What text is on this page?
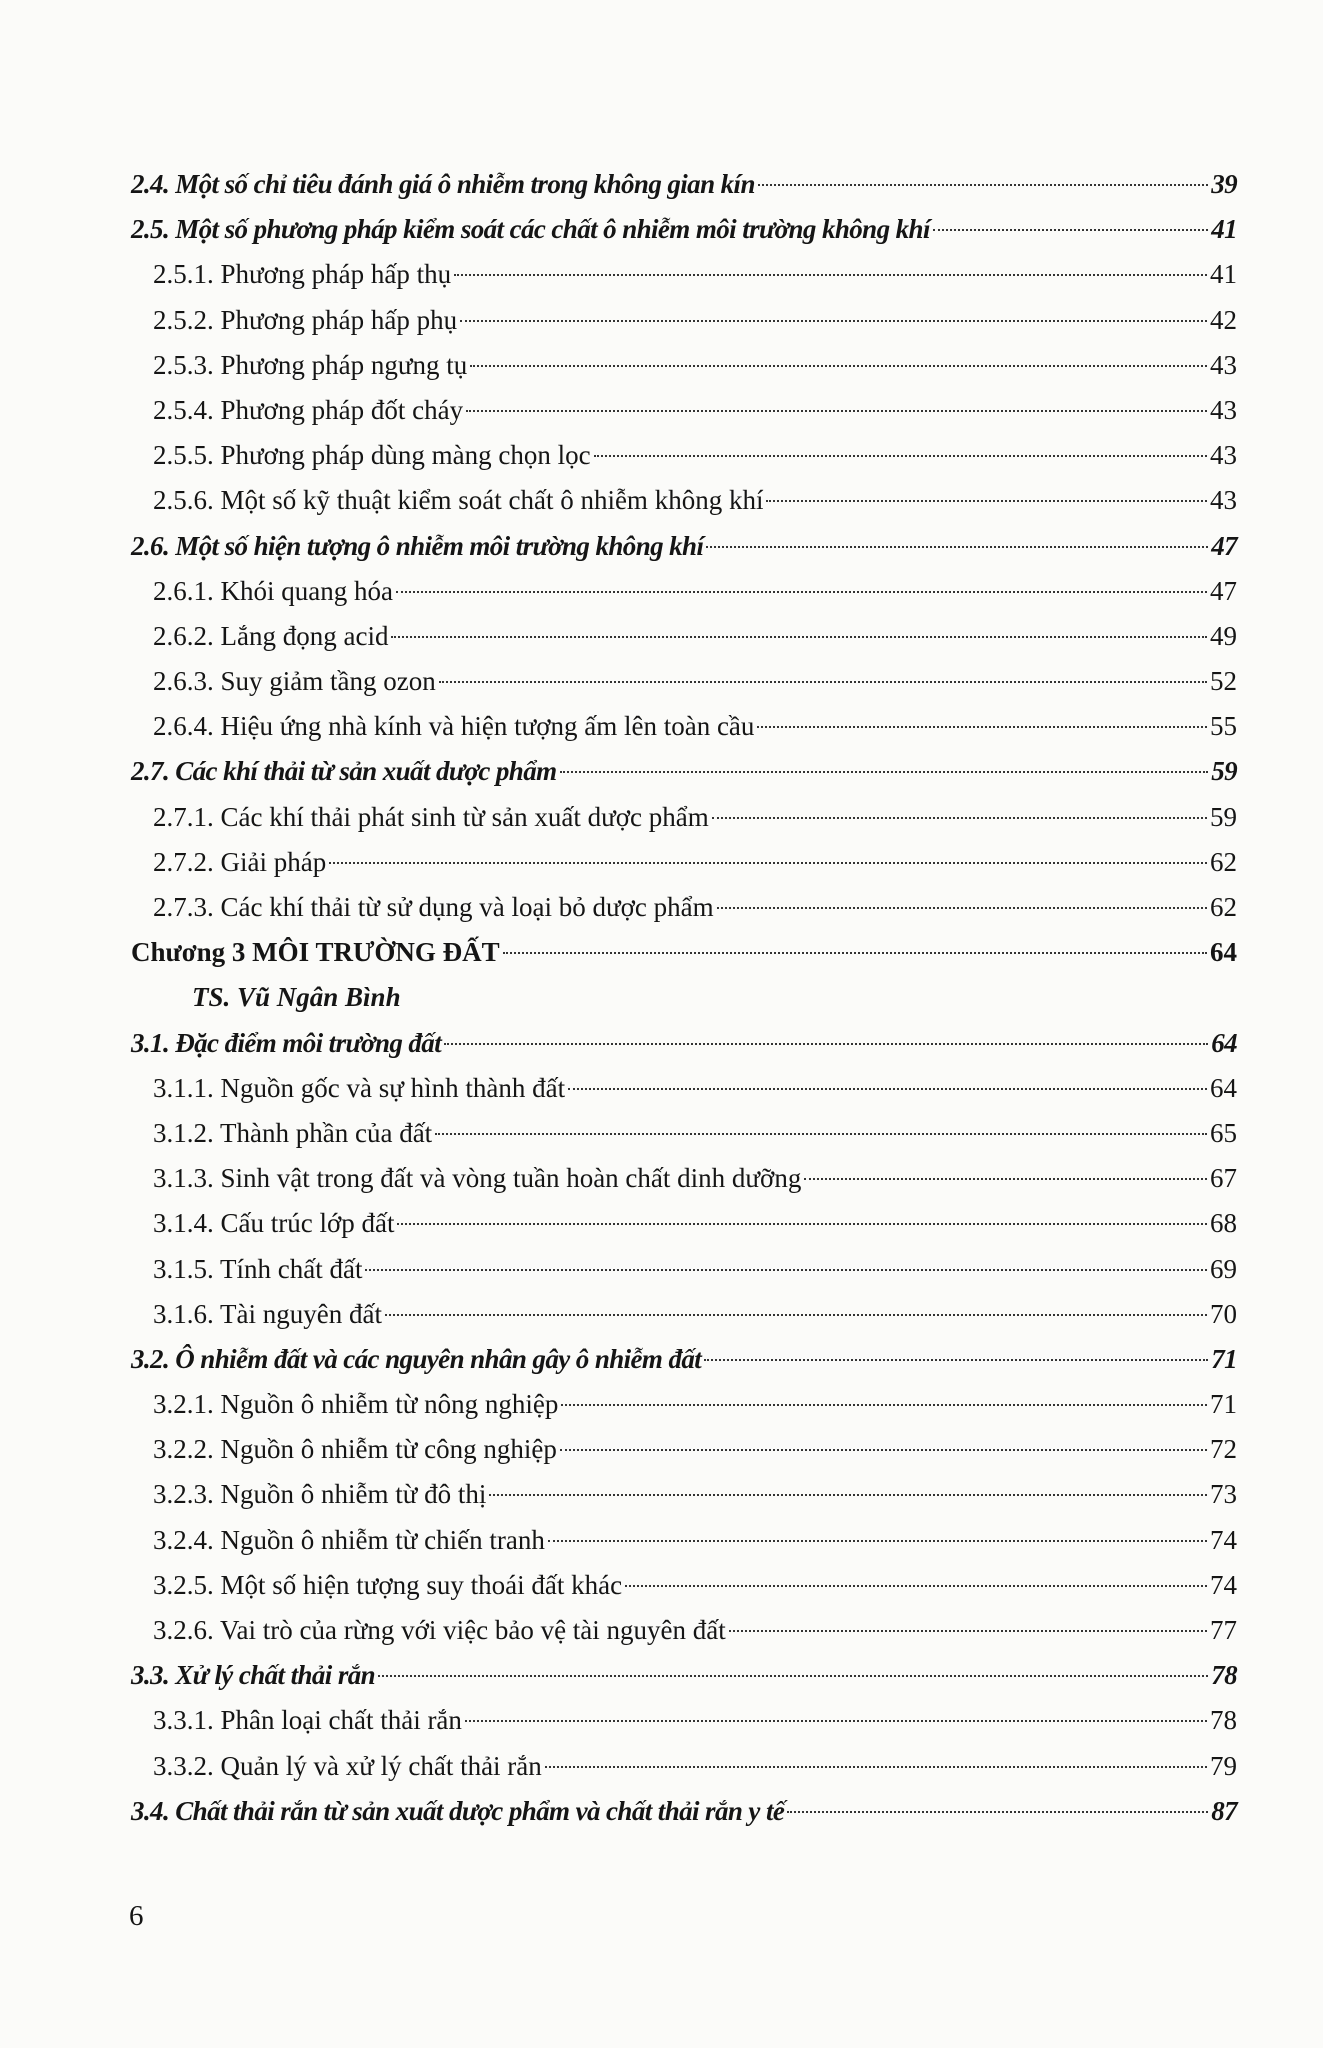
2.4. Một số chỉ tiêu đánh giá ô nhiễm trong không gian kín	39
2.5. Một số phương pháp kiểm soát các chất ô nhiễm môi trường không khí	41
2.5.1. Phương pháp hấp thụ	41
2.5.2. Phương pháp hấp phụ	42
2.5.3. Phương pháp ngưng tụ	43
2.5.4. Phương pháp đốt cháy	43
2.5.5. Phương pháp dùng màng chọn lọc	43
2.5.6. Một số kỹ thuật kiểm soát chất ô nhiễm không khí	43
2.6. Một số hiện tượng ô nhiễm môi trường không khí	47
2.6.1. Khói quang hóa	47
2.6.2. Lắng đọng acid	49
2.6.3. Suy giảm tầng ozon	52
2.6.4. Hiệu ứng nhà kính và hiện tượng ấm lên toàn cầu	55
2.7. Các khí thải từ sản xuất dược phẩm	59
2.7.1. Các khí thải phát sinh từ sản xuất dược phẩm	59
2.7.2. Giải pháp	62
2.7.3. Các khí thải từ sử dụng và loại bỏ dược phẩm	62
Chương 3 MÔI TRƯỜNG ĐẤT	64
TS. Vũ Ngân Bình
3.1. Đặc điểm môi trường đất	64
3.1.1. Nguồn gốc và sự hình thành đất	64
3.1.2. Thành phần của đất	65
3.1.3. Sinh vật trong đất và vòng tuần hoàn chất dinh dưỡng	67
3.1.4. Cấu trúc lớp đất	68
3.1.5. Tính chất đất	69
3.1.6. Tài nguyên đất	70
3.2. Ô nhiễm đất và các nguyên nhân gây ô nhiễm đất	71
3.2.1. Nguồn ô nhiễm từ nông nghiệp	71
3.2.2. Nguồn ô nhiễm từ công nghiệp	72
3.2.3. Nguồn ô nhiễm từ đô thị	73
3.2.4. Nguồn ô nhiễm từ chiến tranh	74
3.2.5. Một số hiện tượng suy thoái đất khác	74
3.2.6. Vai trò của rừng với việc bảo vệ tài nguyên đất	77
3.3. Xử lý chất thải rắn	78
3.3.1. Phân loại chất thải rắn	78
3.3.2. Quản lý và xử lý chất thải rắn	79
3.4. Chất thải rắn từ sản xuất dược phẩm và chất thải rắn y tế	87
6
